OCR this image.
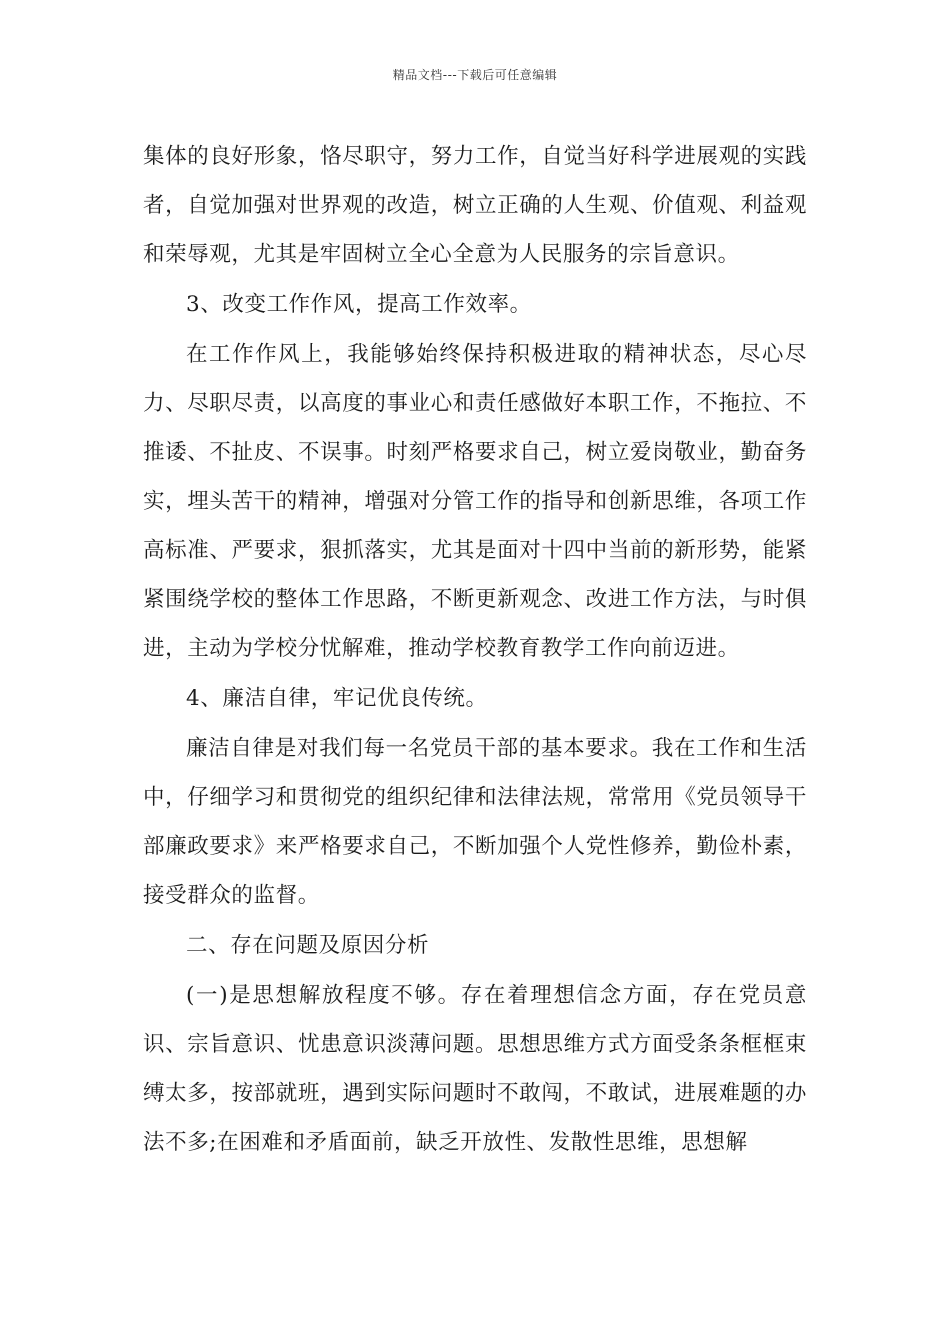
精品文档---下载后可任意编辑

集体的良好形象，恪尽职守，努力工作，自觉当好科学进展观的实践者，自觉加强对世界观的改造，树立正确的人生观、价值观、利益观和荣辱观，尤其是牢固树立全心全意为人民服务的宗旨意识。

3、改变工作作风，提高工作效率。

在工作作风上，我能够始终保持积极进取的精神状态，尽心尽力、尽职尽责，以高度的事业心和责任感做好本职工作，不拖拉、不推诿、不扯皮、不误事。时刻严格要求自己，树立爱岗敬业，勤奋务实，埋头苦干的精神，增强对分管工作的指导和创新思维，各项工作高标准、严要求，狠抓落实，尤其是面对十四中当前的新形势，能紧紧围绕学校的整体工作思路，不断更新观念、改进工作方法，与时俱进，主动为学校分忧解难，推动学校教育教学工作向前迈进。

4、廉洁自律，牢记优良传统。

廉洁自律是对我们每一名党员干部的基本要求。我在工作和生活中，仔细学习和贯彻党的组织纪律和法律法规，常常用《党员领导干部廉政要求》来严格要求自己，不断加强个人党性修养，勤俭朴素，接受群众的监督。

二、存在问题及原因分析

(一)是思想解放程度不够。存在着理想信念方面，存在党员意识、宗旨意识、忧患意识淡薄问题。思想思维方式方面受条条框框束缚太多，按部就班，遇到实际问题时不敢闯，不敢试，进展难题的办法不多;在困难和矛盾面前，缺乏开放性、发散性思维，思想解
